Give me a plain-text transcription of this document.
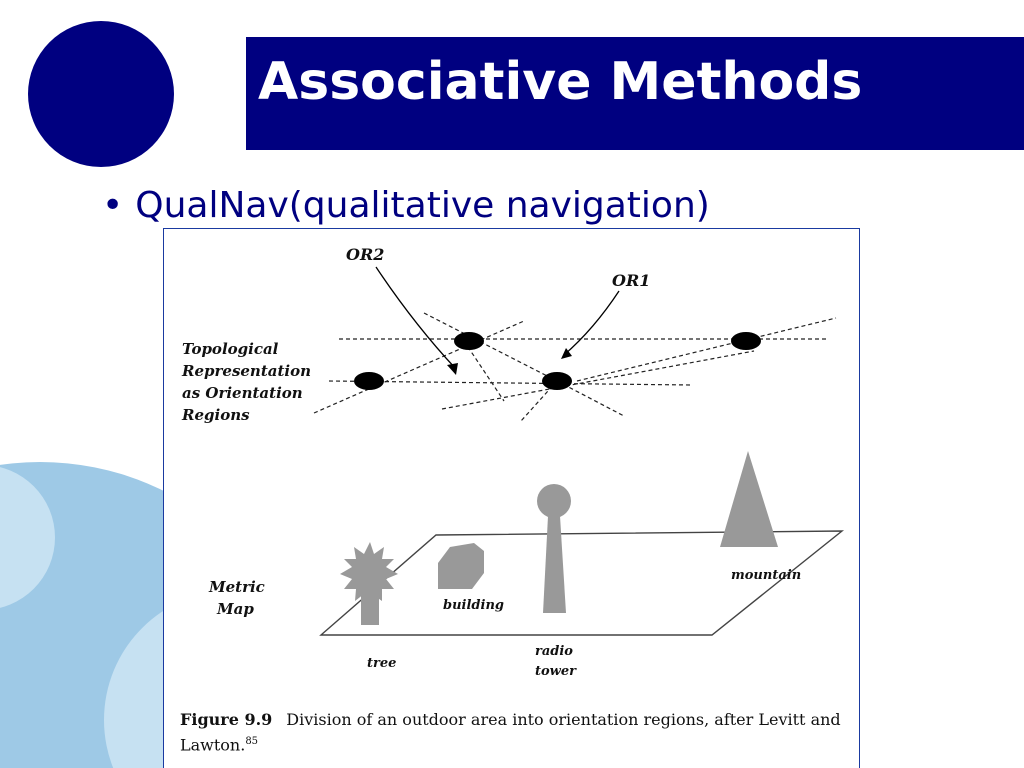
Associative Methods
• QualNav(qualitative navigation)
OR2
OR1
Topological
Representation
as Orientation
Regions
Metric
Map
mountain
building
tree
radio
tower
Figure 9.9 Division of an outdoor area into orientation regions, after Levitt and Lawton.$^{85}$
